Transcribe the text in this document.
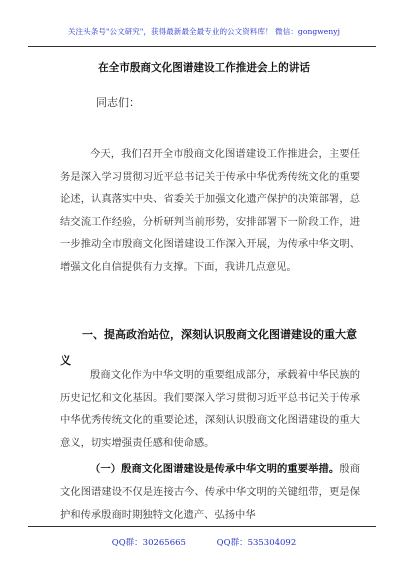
关注头条号"公文研究"，获得最新最全最专业的公文资料库！ 微信：gongwenyj
在全市殷商文化图谱建设工作推进会上的讲话
同志们：

今天，我们召开全市殷商文化图谱建设工作推进会，主要任务是深入学习贯彻习近平总书记关于传承中华优秀传统文化的重要论述，认真落实中央、省委关于加强文化遗产保护的决策部署，总结交流工作经验，分析研判当前形势，安排部署下一阶段工作，进一步推动全市殷商文化图谱建设工作深入开展，为传承中华文明、增强文化自信提供有力支撑。下面，我讲几点意见。

一、提高政治站位，深刻认识殷商文化图谱建设的重大意义

殷商文化作为中华文明的重要组成部分，承载着中华民族的历史记忆和文化基因。我们要深入学习贯彻习近平总书记关于传承中华优秀传统文化的重要论述，深刻认识殷商文化图谱建设的重大意义，切实增强责任感和使命感。

（一）殷商文化图谱建设是传承中华文明的重要举措。殷商文化图谱建设不仅是连接古今、传承中华文明的关键纽带，更是保护和传承殷商时期独特文化遗产、弘扬中华

QQ群：30265665	QQ群：535304092
